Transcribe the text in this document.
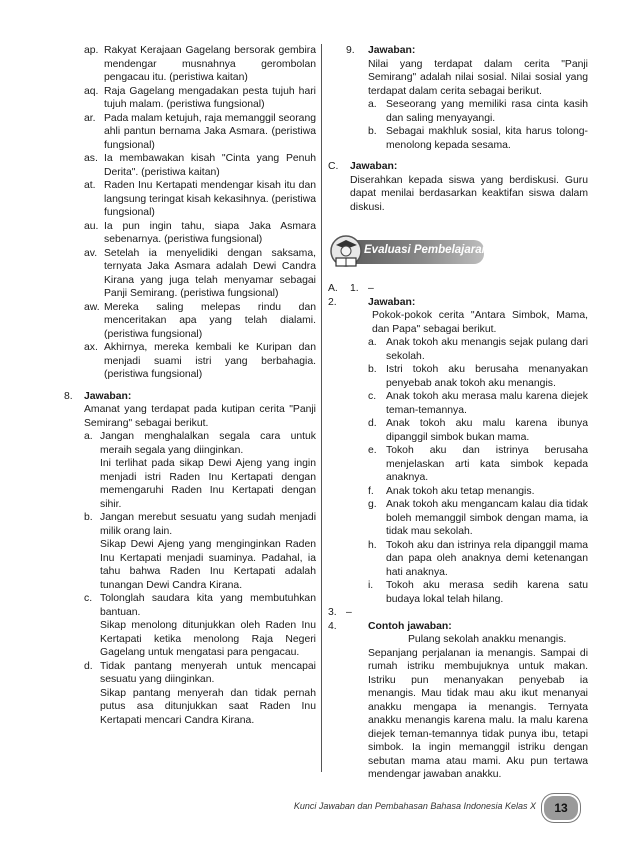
ap. Rakyat Kerajaan Gagelang bersorak gembira mendengar musnahnya gerombolan pengacau itu. (peristiwa kaitan)
aq. Raja Gagelang mengadakan pesta tujuh hari tujuh malam. (peristiwa fungsional)
ar. Pada malam ketujuh, raja memanggil seorang ahli pantun bernama Jaka Asmara. (peristiwa fungsional)
as. Ia membawakan kisah "Cinta yang Penuh Derita". (peristiwa kaitan)
at. Raden Inu Kertapati mendengar kisah itu dan langsung teringat kisah kekasihnya. (peristiwa fungsional)
au. Ia pun ingin tahu, siapa Jaka Asmara sebenarnya. (peristiwa fungsional)
av. Setelah ia menyelidiki dengan saksama, ternyata Jaka Asmara adalah Dewi Candra Kirana yang juga telah menyamar sebagai Panji Semirang. (peristiwa fungsional)
aw. Mereka saling melepas rindu dan menceritakan apa yang telah dialami. (peristiwa fungsional)
ax. Akhirnya, mereka kembali ke Kuripan dan menjadi suami istri yang berbahagia. (peristiwa fungsional)
8. Jawaban:
Amanat yang terdapat pada kutipan cerita "Panji Semirang" sebagai berikut.
a. Jangan menghalalkan segala cara untuk meraih segala yang diinginkan.
Ini terlihat pada sikap Dewi Ajeng yang ingin menjadi istri Raden Inu Kertapati dengan memengaruhi Raden Inu Kertapati dengan sihir.
b. Jangan merebut sesuatu yang sudah menjadi milik orang lain.
Sikap Dewi Ajeng yang menginginkan Raden Inu Kertapati menjadi suaminya. Padahal, ia tahu bahwa Raden Inu Kertapati adalah tunangan Dewi Candra Kirana.
c. Tolonglah saudara kita yang membutuhkan bantuan.
Sikap menolong ditunjukkan oleh Raden Inu Kertapati ketika menolong Raja Negeri Gagelang untuk mengatasi para pengacau.
d. Tidak pantang menyerah untuk mencapai sesuatu yang diinginkan.
Sikap pantang menyerah dan tidak pernah putus asa ditunjukkan saat Raden Inu Kertapati mencari Candra Kirana.
9. Jawaban:
Nilai yang terdapat dalam cerita "Panji Semirang" adalah nilai sosial. Nilai sosial yang terdapat dalam cerita sebagai berikut.
a. Seseorang yang memiliki rasa cinta kasih dan saling menyayangi.
b. Sebagai makhluk sosial, kita harus tolong-menolong kepada sesama.
C. Jawaban:
Diserahkan kepada siswa yang berdiskusi. Guru dapat menilai berdasarkan keaktifan siswa dalam diskusi.
Evaluasi Pembelajaran 2
A. 1. –
2.	Jawaban:
Pokok-pokok cerita "Antara Simbok, Mama, dan Papa" sebagai berikut.
a. Anak tokoh aku menangis sejak pulang dari sekolah.
b. Istri tokoh aku berusaha menanyakan penyebab anak tokoh aku menangis.
c. Anak tokoh aku merasa malu karena diejek teman-temannya.
d. Anak tokoh aku malu karena ibunya dipanggil simbok bukan mama.
e. Tokoh aku dan istrinya berusaha menjelaskan arti kata simbok kepada anaknya.
f. Anak tokoh aku tetap menangis.
g. Anak tokoh aku mengancam kalau dia tidak boleh memanggil simbok dengan mama, ia tidak mau sekolah.
h. Tokoh aku dan istrinya rela dipanggil mama dan papa oleh anaknya demi ketenangan hati anaknya.
i. Tokoh aku merasa sedih karena satu budaya lokal telah hilang.
3. –
4.	Contoh jawaban:
Pulang sekolah anakku menangis.
Sepanjang perjalanan ia menangis. Sampai di rumah istriku membujuknya untuk makan. Istriku pun menanyakan penyebab ia menangis. Mau tidak mau aku ikut menanyai anakku mengapa ia menangis. Ternyata anakku menangis karena malu. Ia malu karena diejek teman-temannya tidak punya ibu, tetapi simbok. Ia ingin memanggil istriku dengan sebutan mama atau mami. Aku pun tertawa mendengar jawaban anakku.
Kunci Jawaban dan Pembahasan Bahasa Indonesia Kelas X	13
